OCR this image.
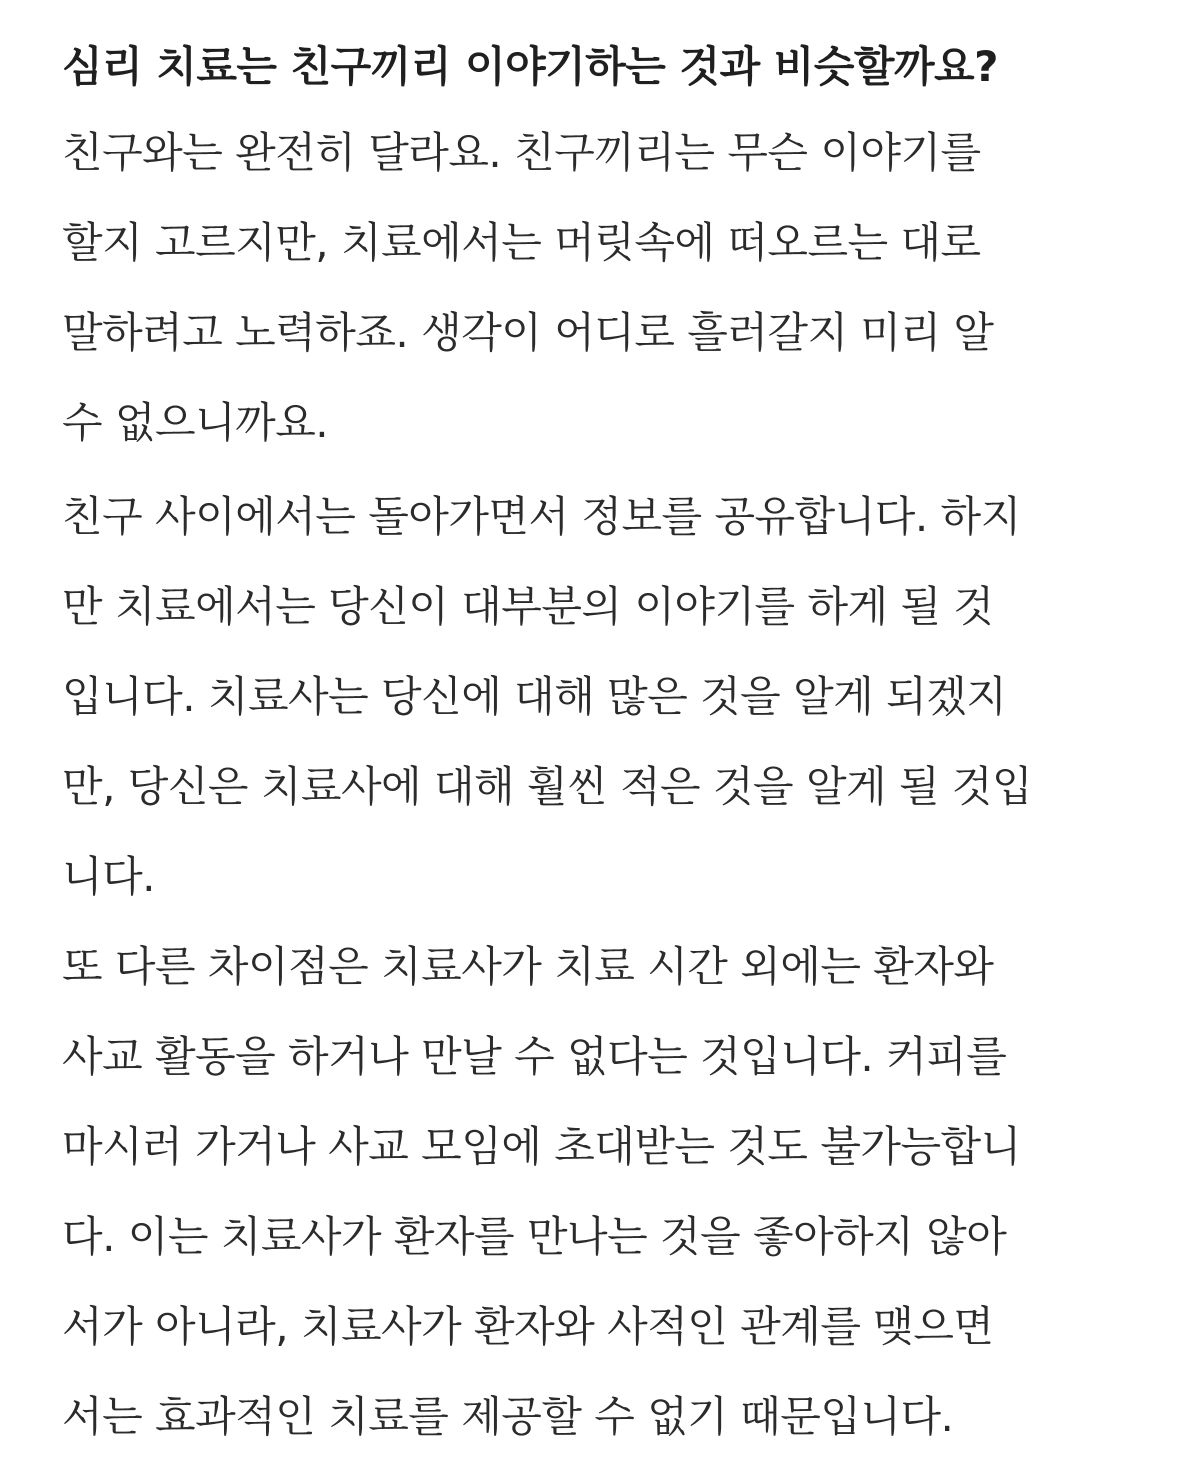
심리 치료는 친구끼리 이야기하는 것과 비슷할까요?
친구와는 완전히 달라요. 친구끼리는 무슨 이야기를
할지 고르지만, 치료에서는 머릿속에 떠오르는 대로
말하려고 노력하죠. 생각이 어디로 흘러갈지 미리 알
수 없으니까요.
친구 사이에서는 돌아가면서 정보를 공유합니다. 하지
만 치료에서는 당신이 대부분의 이야기를 하게 될 것
입니다. 치료사는 당신에 대해 많은 것을 알게 되겠지
만, 당신은 치료사에 대해 훨씬 적은 것을 알게 될 것입
니다.
또 다른 차이점은 치료사가 치료 시간 외에는 환자와
사교 활동을 하거나 만날 수 없다는 것입니다. 커피를
마시러 가거나 사교 모임에 초대받는 것도 불가능합니
다. 이는 치료사가 환자를 만나는 것을 좋아하지 않아
서가 아니라, 치료사가 환자와 사적인 관계를 맺으면
서는 효과적인 치료를 제공할 수 없기 때문입니다.
